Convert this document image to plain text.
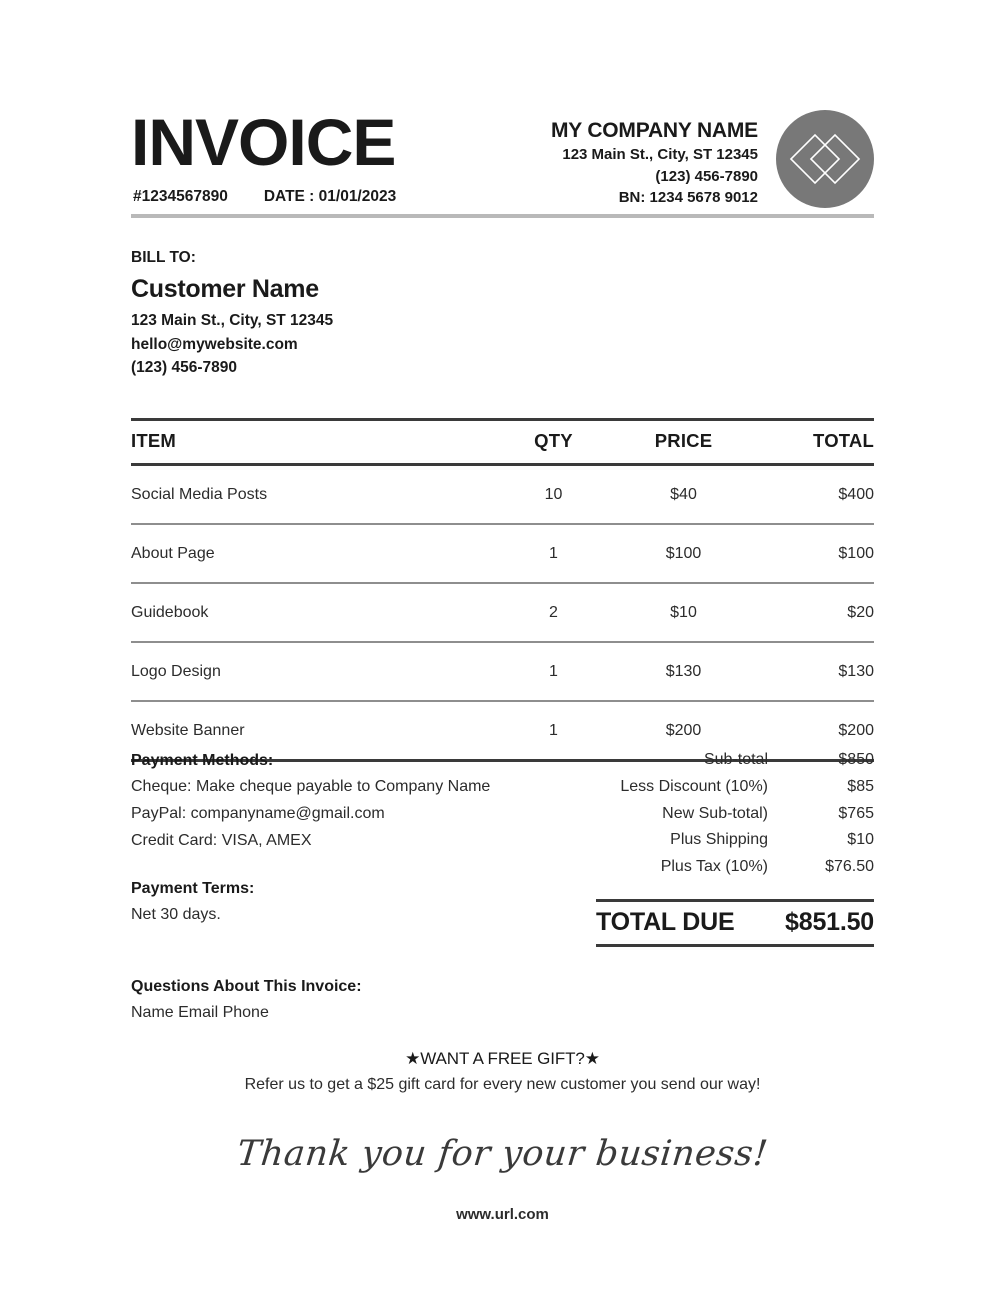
INVOICE
#1234567890 DATE : 01/01/2023
MY COMPANY NAME
123 Main St., City, ST 12345
(123) 456-7890
BN: 1234 5678 9012
BILL TO:
Customer Name
123 Main St., City, ST 12345
hello@mywebsite.com
(123) 456-7890
ITEM	QTY	PRICE	TOTAL
Social Media Posts	10	$40	$400
About Page	1	$100	$100
Guidebook	2	$10	$20
Logo Design	1	$130	$130
Website Banner	1	$200	$200
Payment Methods:
Cheque: Make cheque payable to Company Name
PayPal: companyname@gmail.com
Credit Card: VISA, AMEX
Payment Terms:
Net 30 days.
Questions About This Invoice:
Name Email Phone
Sub-total	$850
Less Discount (10%)	$85
New Sub-total)	$765
Plus Shipping	$10
Plus Tax (10%)	$76.50
TOTAL DUE $851.50
★WANT A FREE GIFT?★
Refer us to get a $25 gift card for every new customer you send our way!
Thank you for your business!
www.url.com
